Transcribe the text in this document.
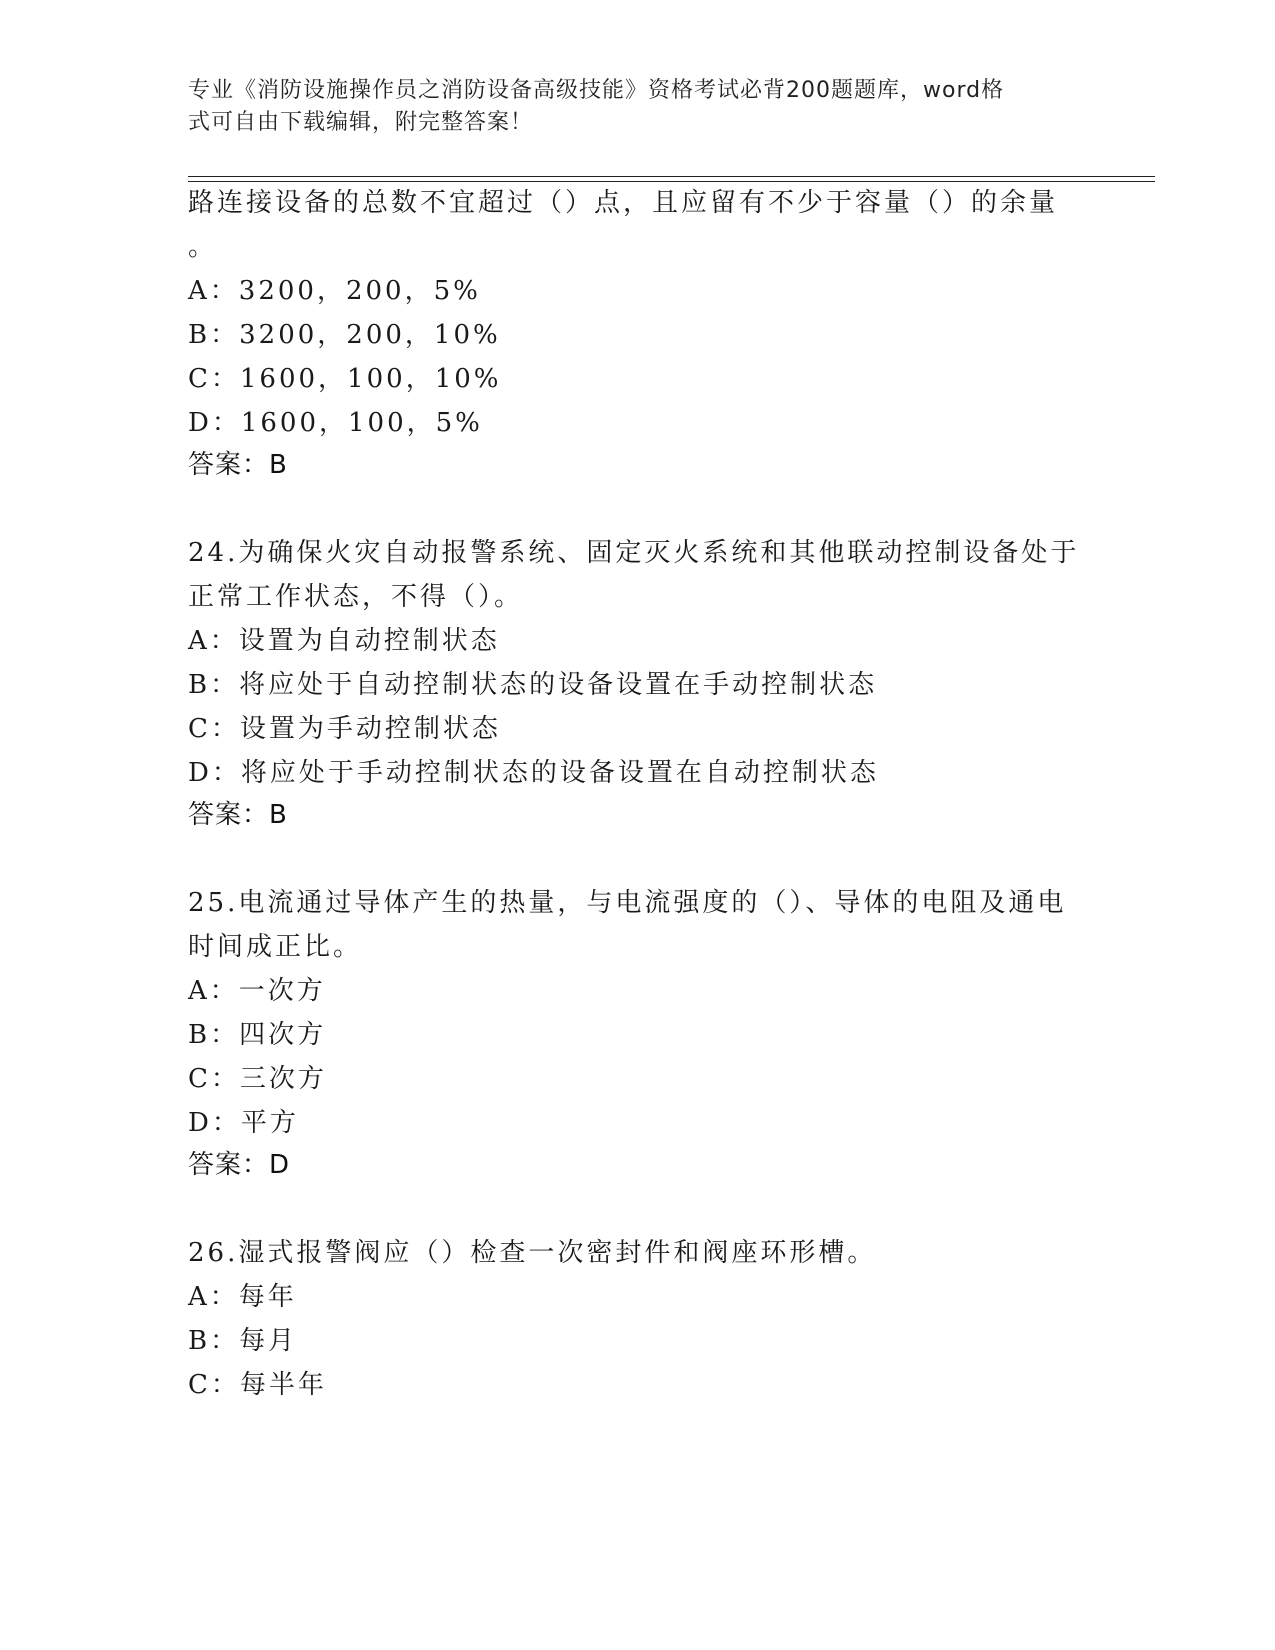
专业《消防设施操作员之消防设备高级技能》资格考试必背200题题库，word格
式可自由下载编辑，附完整答案！
路连接设备的总数不宜超过（）点，且应留有不少于容量（）的余量
。
A：3200，200，5%
B：3200，200，10%
C：1600，100，10%
D：1600，100，5%
答案：B
24.为确保火灾自动报警系统、固定灭火系统和其他联动控制设备处于
正常工作状态，不得（）。
A：设置为自动控制状态
B：将应处于自动控制状态的设备设置在手动控制状态
C：设置为手动控制状态
D：将应处于手动控制状态的设备设置在自动控制状态
答案：B
25.电流通过导体产生的热量，与电流强度的（）、导体的电阻及通电
时间成正比。
A：一次方
B：四次方
C：三次方
D：平方
答案：D
26.湿式报警阀应（）检查一次密封件和阀座环形槽。
A：每年
B：每月
C：每半年
